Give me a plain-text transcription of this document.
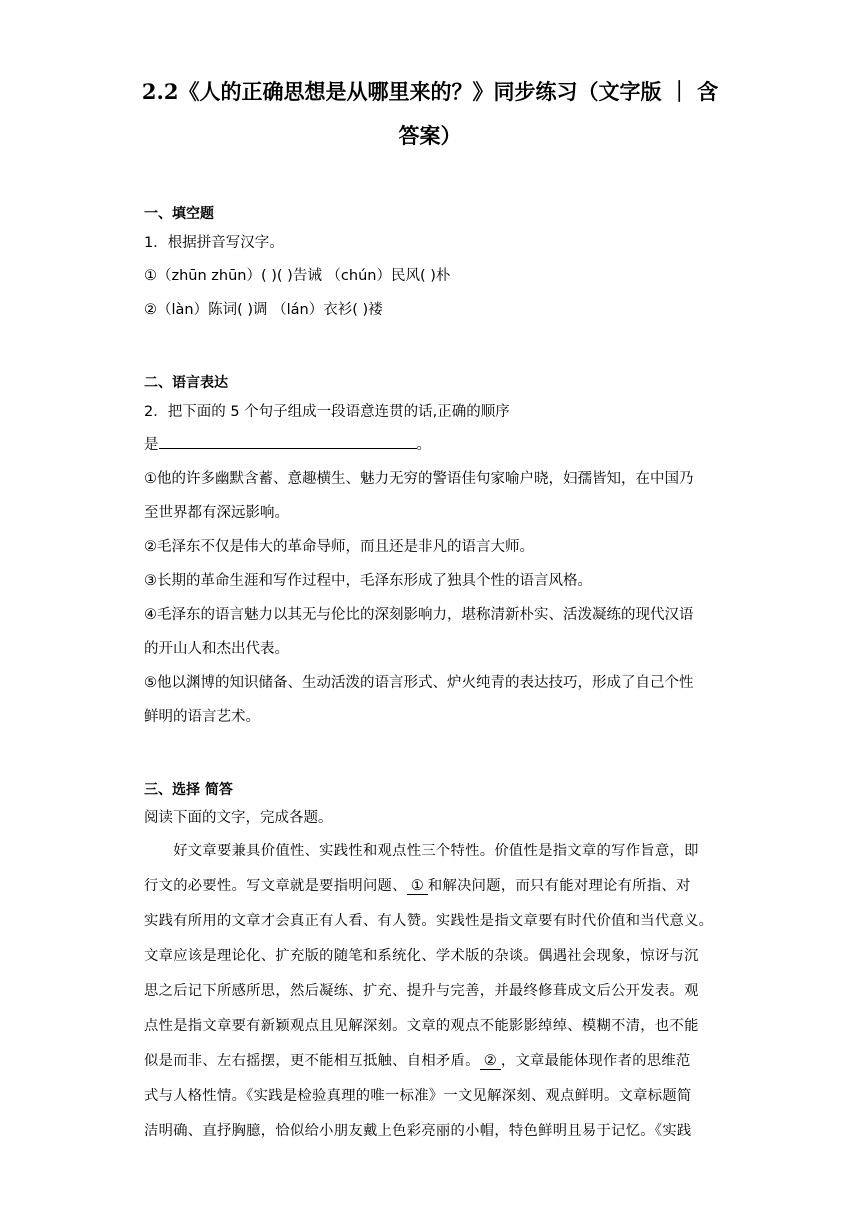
2.2《人的正确思想是从哪里来的？》同步练习（文字版 ｜ 含
答案）
一、填空题
1．根据拼音写汉字。
①（zhūn zhūn）( )( )告诫 （chún）民风( )朴
②（làn）陈词( )调 （lán）衣衫( )褛
二、语言表达
2．把下面的 5 个句子组成一段语意连贯的话,正确的顺序
是	。
①他的许多幽默含蓄、意趣横生、魅力无穷的警语佳句家喻户晓，妇孺皆知，在中国乃
至世界都有深远影响。
②毛泽东不仅是伟大的革命导师，而且还是非凡的语言大师。
③长期的革命生涯和写作过程中，毛泽东形成了独具个性的语言风格。
④毛泽东的语言魅力以其无与伦比的深刻影响力，堪称清新朴实、活泼凝练的现代汉语
的开山人和杰出代表。
⑤他以渊博的知识储备、生动活泼的语言形式、炉火纯青的表达技巧，形成了自己个性
鲜明的语言艺术。
三、选择 简答
阅读下面的文字，完成各题。
　　好文章要兼具价值性、实践性和观点性三个特性。价值性是指文章的写作旨意，即
行文的必要性。写文章就是要指明问题、 ① 和解决问题，而只有能对理论有所指、对
实践有所用的文章才会真正有人看、有人赞。实践性是指文章要有时代价值和当代意义。
文章应该是理论化、扩充版的随笔和系统化、学术版的杂谈。偶遇社会现象，惊讶与沉
思之后记下所感所思，然后凝练、扩充、提升与完善，并最终修葺成文后公开发表。观
点性是指文章要有新颖观点且见解深刻。文章的观点不能影影绰绰、模糊不清，也不能
似是而非、左右摇摆，更不能相互抵触、自相矛盾。 ② ，文章最能体现作者的思维范
式与人格性情。《实践是检验真理的唯一标准》一文见解深刻、观点鲜明。文章标题简
洁明确、直抒胸臆，恰似给小朋友戴上色彩亮丽的小帽，特色鲜明且易于记忆。《实践
